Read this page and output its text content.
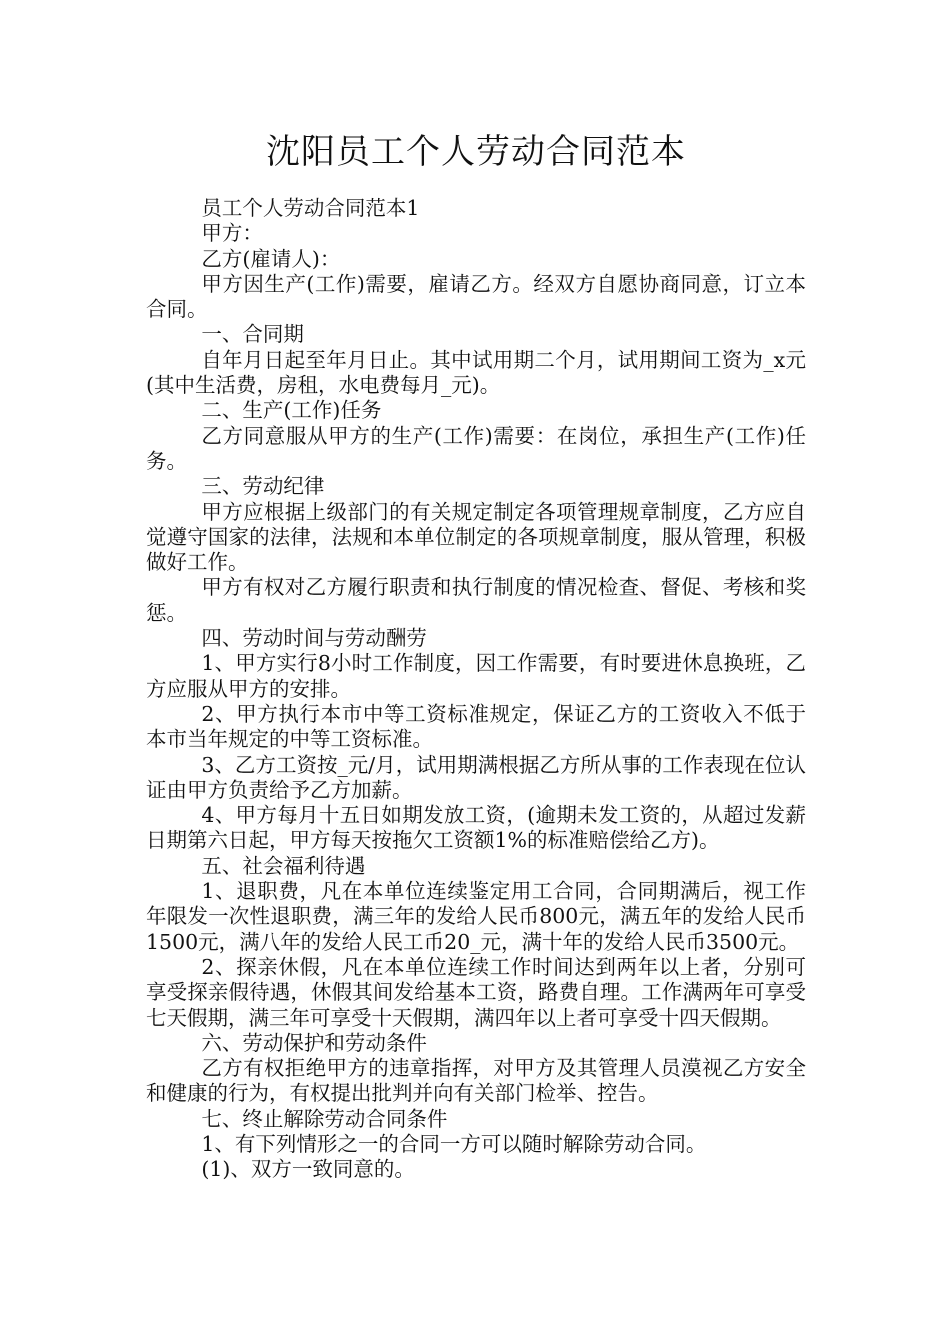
沈阳员工个人劳动合同范本

员工个人劳动合同范本1

甲方：

乙方(雇请人)：

甲方因生产(工作)需要，雇请乙方。经双方自愿协商同意，订立本合同。

一、合同期

自年月日起至年月日止。其中试用期二个月，试用期间工资为_x元(其中生活费，房租，水电费每月_元)。

二、生产(工作)任务

乙方同意服从甲方的生产(工作)需要：在岗位，承担生产(工作)任务。

三、劳动纪律

甲方应根据上级部门的有关规定制定各项管理规章制度，乙方应自觉遵守国家的法律，法规和本单位制定的各项规章制度，服从管理，积极做好工作。

甲方有权对乙方履行职责和执行制度的情况检查、督促、考核和奖惩。

四、劳动时间与劳动酬劳

1、甲方实行8小时工作制度，因工作需要，有时要进休息换班，乙方应服从甲方的安排。

2、甲方执行本市中等工资标准规定，保证乙方的工资收入不低于本市当年规定的中等工资标准。

3、乙方工资按_元/月，试用期满根据乙方所从事的工作表现在位认证由甲方负责给予乙方加薪。

4、甲方每月十五日如期发放工资，(逾期未发工资的，从超过发薪日期第六日起，甲方每天按拖欠工资额1%的标准赔偿给乙方)。

五、社会福利待遇

1、退职费，凡在本单位连续鉴定用工合同，合同期满后，视工作年限发一次性退职费，满三年的发给人民币800元，满五年的发给人民币1500元，满八年的发给人民工币20_元，满十年的发给人民币3500元。

2、探亲休假，凡在本单位连续工作时间达到两年以上者，分别可享受探亲假待遇，休假其间发给基本工资，路费自理。工作满两年可享受七天假期，满三年可享受十天假期，满四年以上者可享受十四天假期。

六、劳动保护和劳动条件

乙方有权拒绝甲方的违章指挥，对甲方及其管理人员漠视乙方安全和健康的行为，有权提出批判并向有关部门检举、控告。

七、终止解除劳动合同条件

1、有下列情形之一的合同一方可以随时解除劳动合同。

(1)、双方一致同意的。
